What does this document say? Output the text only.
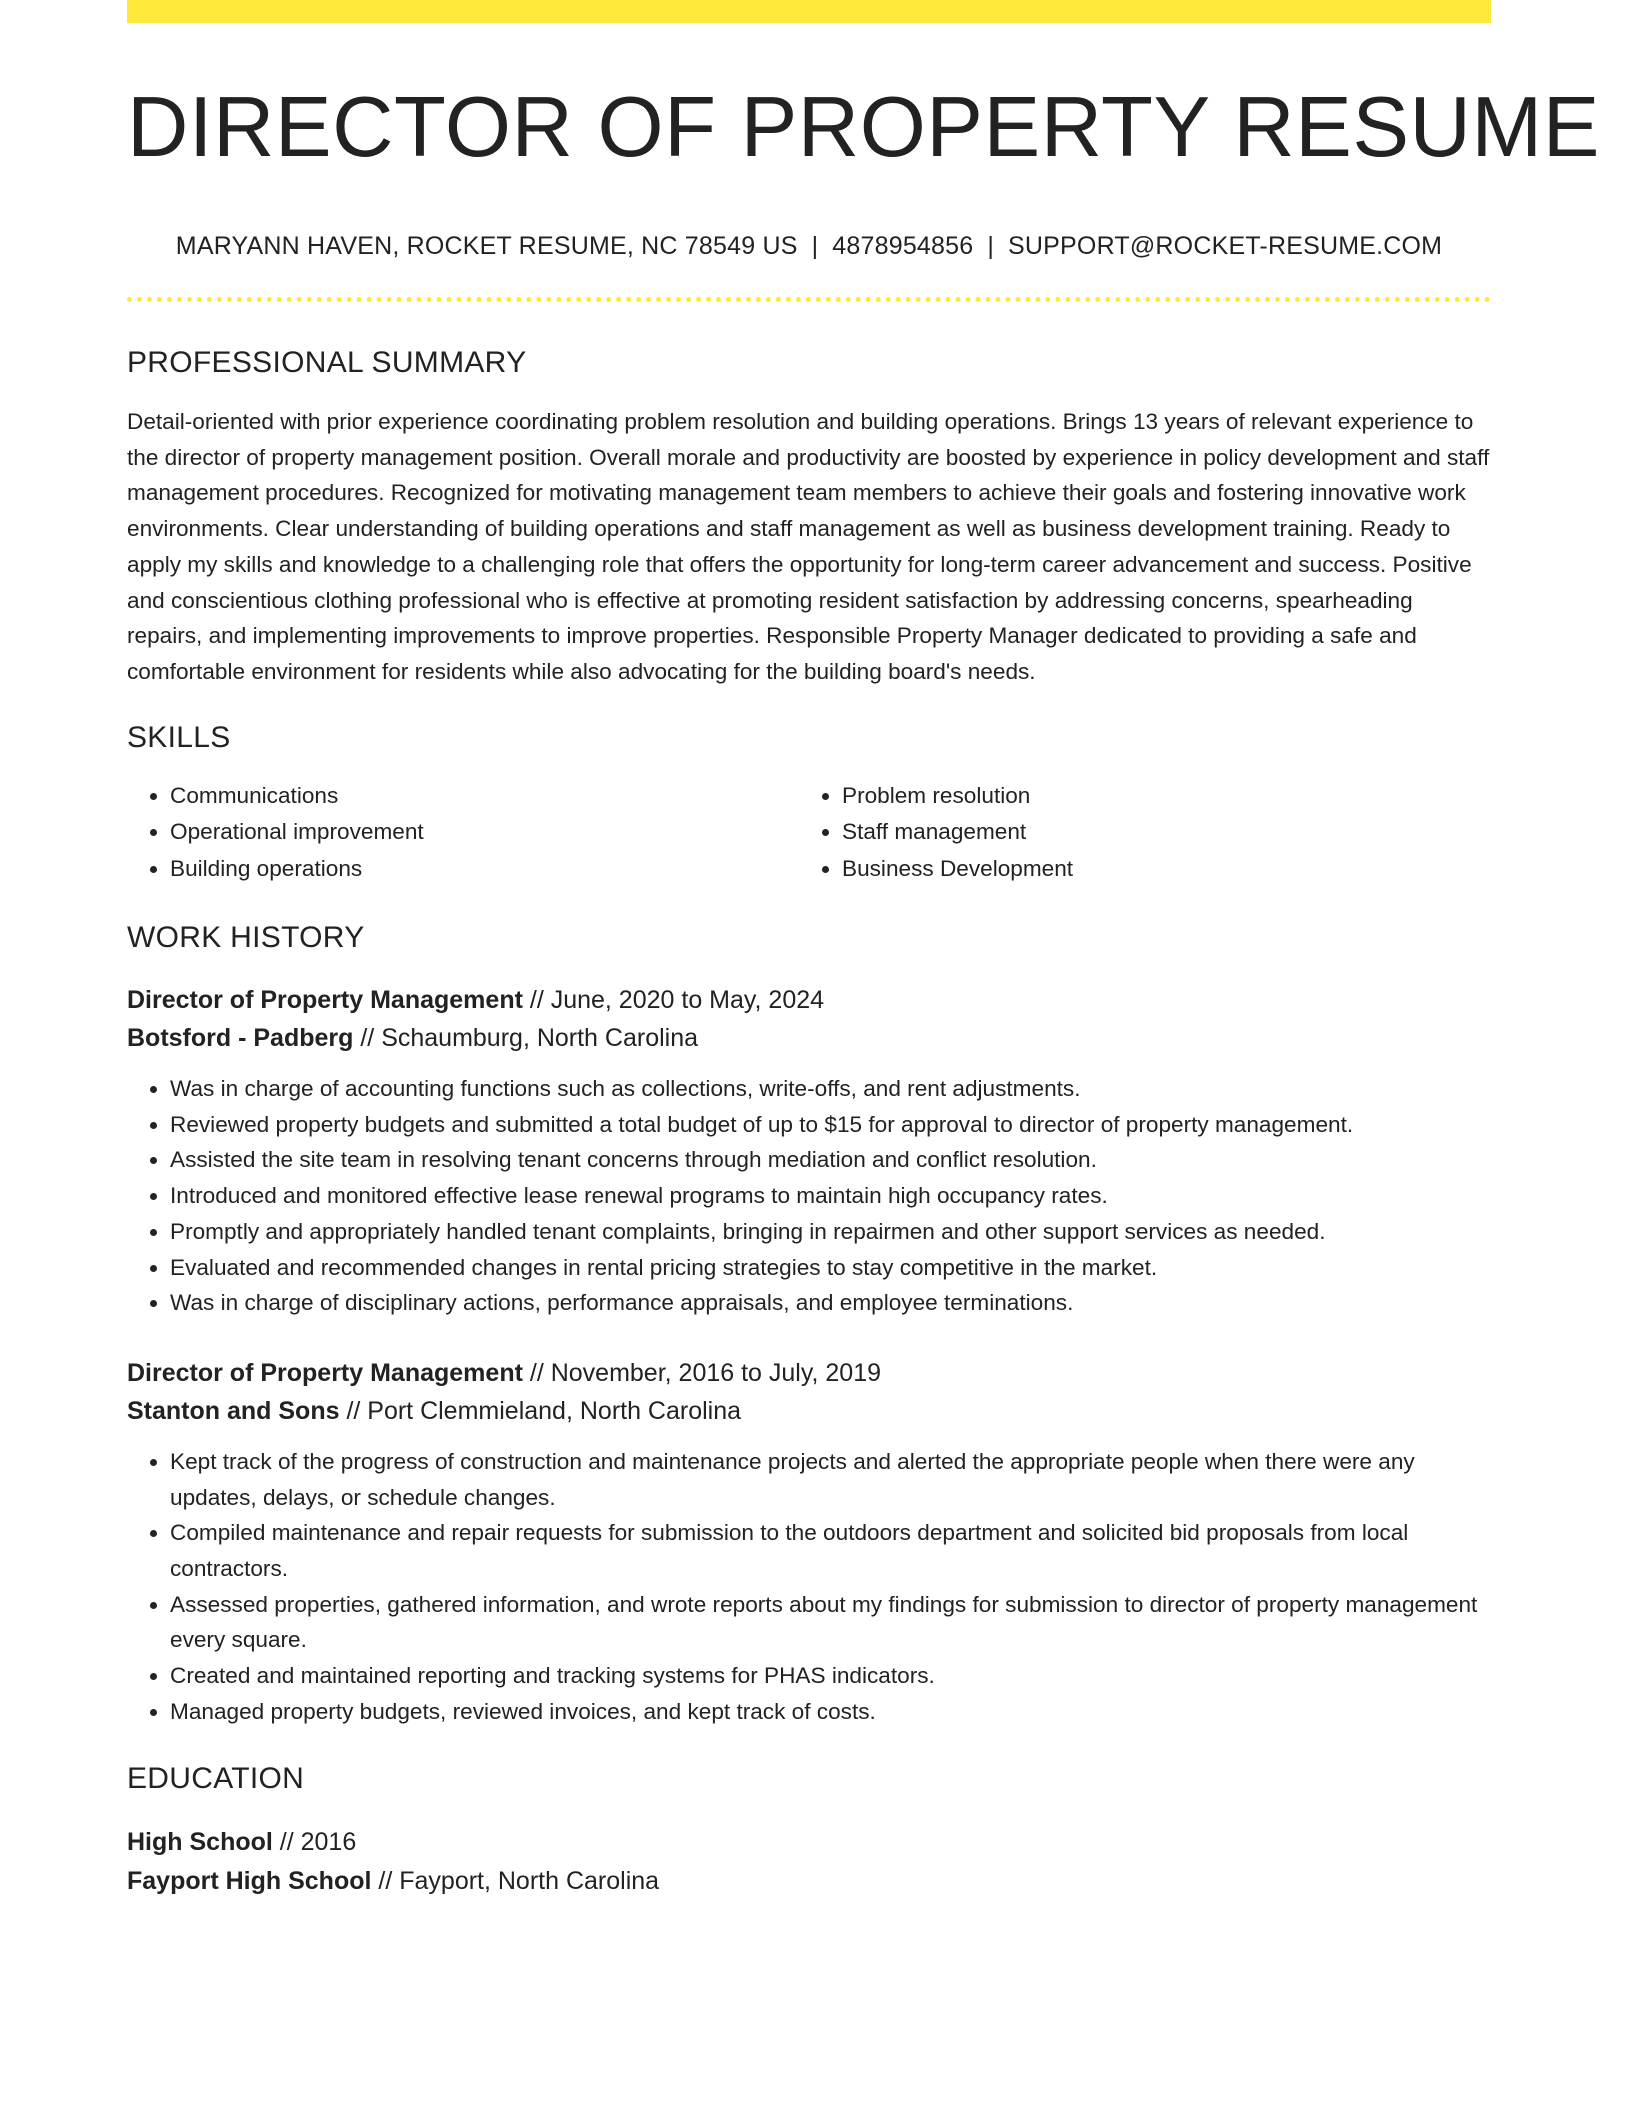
DIRECTOR OF PROPERTY RESUME
MARYANN HAVEN, ROCKET RESUME, NC 78549 US | 4878954856 | SUPPORT@ROCKET-RESUME.COM
PROFESSIONAL SUMMARY
Detail-oriented with prior experience coordinating problem resolution and building operations. Brings 13 years of relevant experience to the director of property management position. Overall morale and productivity are boosted by experience in policy development and staff management procedures. Recognized for motivating management team members to achieve their goals and fostering innovative work environments. Clear understanding of building operations and staff management as well as business development training. Ready to apply my skills and knowledge to a challenging role that offers the opportunity for long-term career advancement and success. Positive and conscientious clothing professional who is effective at promoting resident satisfaction by addressing concerns, spearheading repairs, and implementing improvements to improve properties. Responsible Property Manager dedicated to providing a safe and comfortable environment for residents while also advocating for the building board's needs.
SKILLS
• Communications
• Operational improvement
• Building operations
• Problem resolution
• Staff management
• Business Development
WORK HISTORY
Director of Property Management // June, 2020 to May, 2024
Botsford - Padberg // Schaumburg, North Carolina
• Was in charge of accounting functions such as collections, write-offs, and rent adjustments.
• Reviewed property budgets and submitted a total budget of up to $15 for approval to director of property management.
• Assisted the site team in resolving tenant concerns through mediation and conflict resolution.
• Introduced and monitored effective lease renewal programs to maintain high occupancy rates.
• Promptly and appropriately handled tenant complaints, bringing in repairmen and other support services as needed.
• Evaluated and recommended changes in rental pricing strategies to stay competitive in the market.
• Was in charge of disciplinary actions, performance appraisals, and employee terminations.
Director of Property Management // November, 2016 to July, 2019
Stanton and Sons // Port Clemmieland, North Carolina
• Kept track of the progress of construction and maintenance projects and alerted the appropriate people when there were any updates, delays, or schedule changes.
• Compiled maintenance and repair requests for submission to the outdoors department and solicited bid proposals from local contractors.
• Assessed properties, gathered information, and wrote reports about my findings for submission to director of property management every square.
• Created and maintained reporting and tracking systems for PHAS indicators.
• Managed property budgets, reviewed invoices, and kept track of costs.
EDUCATION
High School // 2016
Fayport High School // Fayport, North Carolina
